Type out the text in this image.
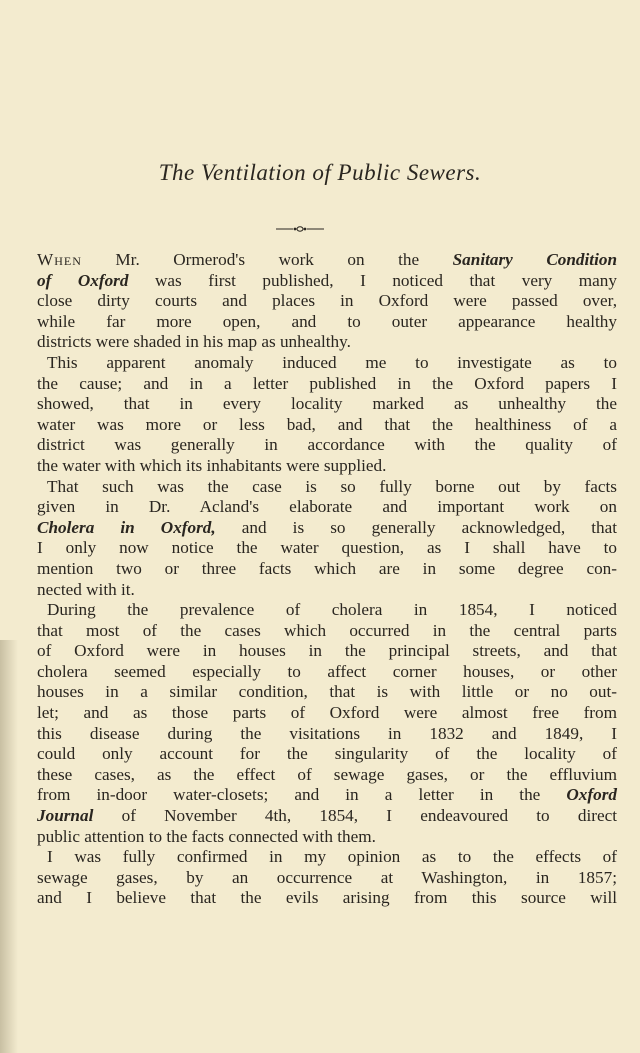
The Ventilation of Public Sewers.
When Mr. Ormerod's work on the Sanitary Condition
of Oxford was first published, I noticed that very many
close dirty courts and places in Oxford were passed over,
while far more open, and to outer appearance healthy
districts were shaded in his map as unhealthy.
This apparent anomaly induced me to investigate as to
the cause; and in a letter published in the Oxford papers I
showed, that in every locality marked as unhealthy the
water was more or less bad, and that the healthiness of a
district was generally in accordance with the quality of
the water with which its inhabitants were supplied.
That such was the case is so fully borne out by facts
given in Dr. Acland's elaborate and important work on
Cholera in Oxford, and is so generally acknowledged, that
I only now notice the water question, as I shall have to
mention two or three facts which are in some degree con-
nected with it.
During the prevalence of cholera in 1854, I noticed
that most of the cases which occurred in the central parts
of Oxford were in houses in the principal streets, and that
cholera seemed especially to affect corner houses, or other
houses in a similar condition, that is with little or no out-
let; and as those parts of Oxford were almost free from
this disease during the visitations in 1832 and 1849, I
could only account for the singularity of the locality of
these cases, as the effect of sewage gases, or the effluvium
from in-door water-closets; and in a letter in the Oxford
Journal of November 4th, 1854, I endeavoured to direct
public attention to the facts connected with them.
I was fully confirmed in my opinion as to the effects of
sewage gases, by an occurrence at Washington, in 1857;
and I believe that the evils arising from this source will
